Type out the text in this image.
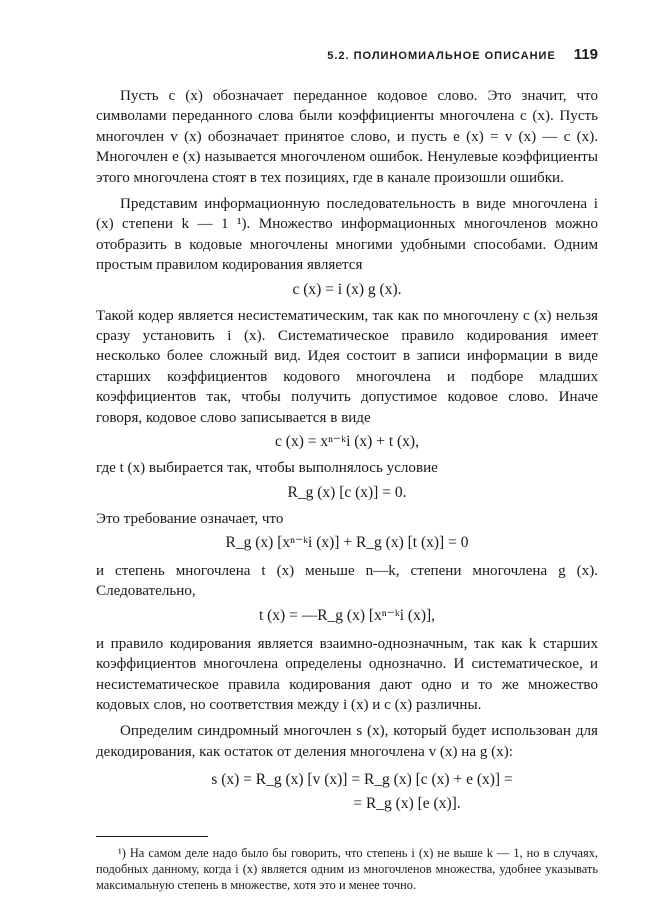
5.2. ПОЛИНОМИАЛЬНОЕ ОПИСАНИЕ 119

Пусть c (x) обозначает переданное кодовое слово. Это значит, что символами переданного слова были коэффициенты многочлена c (x). Пусть многочлен v (x) обозначает принятое слово, и пусть e (x) = v (x) — c (x). Многочлен e (x) называется многочленом ошибок. Ненулевые коэффициенты этого многочлена стоят в тех позициях, где в канале произошли ошибки.

Представим информационную последовательность в виде многочлена i (x) степени k — 1 ¹). Множество информационных многочленов можно отобразить в кодовые многочлены многими удобными способами. Одним простым правилом кодирования является

c (x) = i (x) g (x).

Такой кодер является несистематическим, так как по многочлену c (x) нельзя сразу установить i (x). Систематическое правило кодирования имеет несколько более сложный вид. Идея состоит в записи информации в виде старших коэффициентов кодового многочлена и подборе младших коэффициентов так, чтобы получить допустимое кодовое слово. Иначе говоря, кодовое слово записывается в виде

c (x) = xⁿ⁻ᵏi (x) + t (x),

где t (x) выбирается так, чтобы выполнялось условие

R_g (x) [c (x)] = 0.

Это требование означает, что

R_g (x) [xⁿ⁻ᵏi (x)] + R_g (x) [t (x)] = 0

и степень многочлена t (x) меньше n—k, степени многочлена g (x). Следовательно,

t (x) = —R_g (x) [xⁿ⁻ᵏi (x)],

и правило кодирования является взаимно-однозначным, так как k старших коэффициентов многочлена определены однозначно. И систематическое, и несистематическое правила кодирования дают одно и то же множество кодовых слов, но соответствия между i (x) и c (x) различны.

Определим синдромный многочлен s (x), который будет использован для декодирования, как остаток от деления многочлена v (x) на g (x):

s (x) = R_g (x) [v (x)] = R_g (x) [c (x) + e (x)] =
= R_g (x) [e (x)].

¹) На самом деле надо было бы говорить, что степень i (x) не выше k — 1, но в случаях, подобных данному, когда i (x) является одним из многочленов множества, удобнее указывать максимальную степень в множестве, хотя это и менее точно.
